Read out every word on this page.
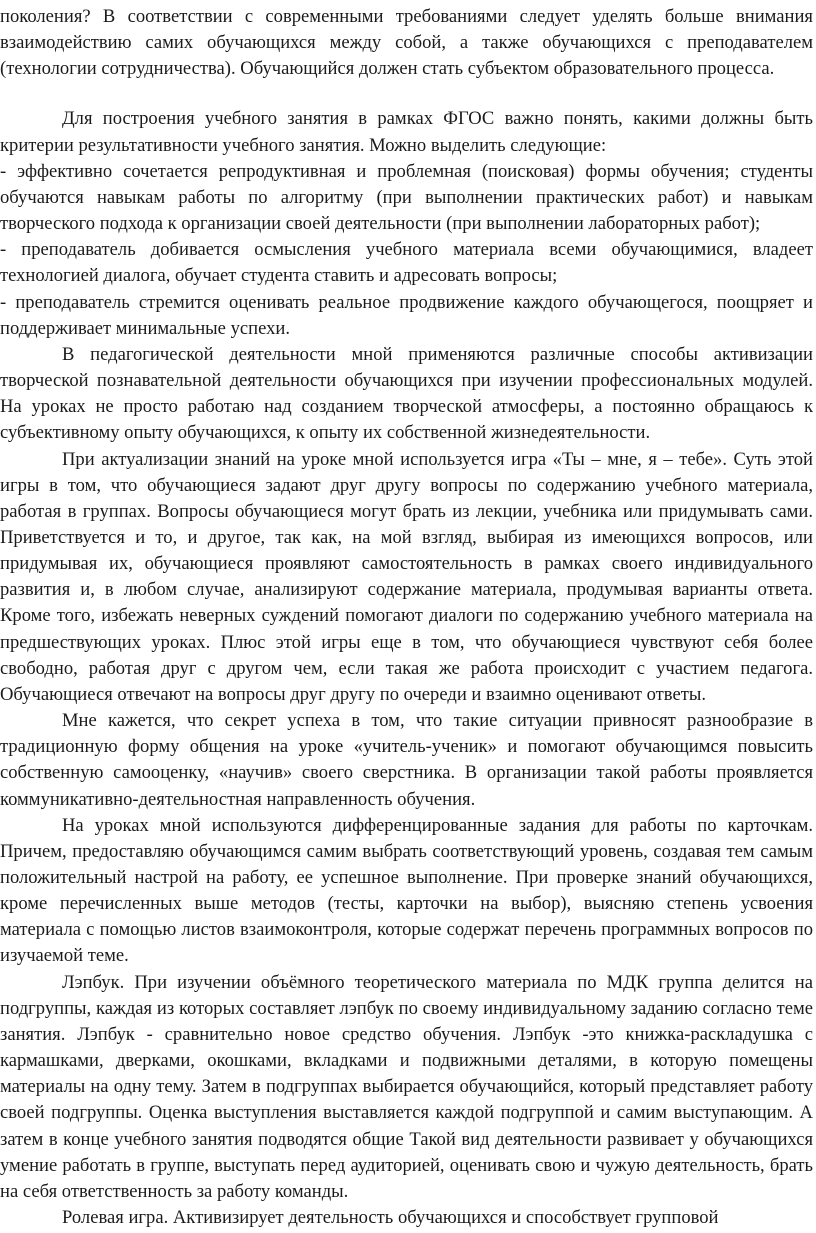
поколения? В соответствии с современными требованиями следует уделять больше внимания взаимодействию самих обучающихся между собой, а также обучающихся с преподавателем (технологии сотрудничества). Обучающийся должен стать субъектом образовательного процесса.

Для построения учебного занятия в рамках ФГОС важно понять, какими должны быть критерии результативности учебного занятия. Можно выделить следующие:

- эффективно сочетается репродуктивная и проблемная (поисковая) формы обучения; студенты обучаются навыкам работы по алгоритму (при выполнении практических работ) и навыкам творческого подхода к организации своей деятельности (при выполнении лабораторных работ);

- преподаватель добивается осмысления учебного материала всеми обучающимися, владеет технологией диалога, обучает студента ставить и адресовать вопросы;

- преподаватель стремится оценивать реальное продвижение каждого обучающегося, поощряет и поддерживает минимальные успехи.

В педагогической деятельности мной применяются различные способы активизации творческой познавательной деятельности обучающихся при изучении профессиональных модулей. На уроках не просто работаю над созданием творческой атмосферы, а постоянно обращаюсь к субъективному опыту обучающихся, к опыту их собственной жизнедеятельности.

При актуализации знаний на уроке мной используется игра «Ты – мне, я – тебе». Суть этой игры в том, что обучающиеся задают друг другу вопросы по содержанию учебного материала, работая в группах. Вопросы обучающиеся могут брать из лекции, учебника или придумывать сами. Приветствуется и то, и другое, так как, на мой взгляд, выбирая из имеющихся вопросов, или придумывая их, обучающиеся проявляют самостоятельность в рамках своего индивидуального развития и, в любом случае, анализируют содержание материала, продумывая варианты ответа. Кроме того, избежать неверных суждений помогают диалоги по содержанию учебного материала на предшествующих уроках. Плюс этой игры еще в том, что обучающиеся чувствуют себя более свободно, работая друг с другом чем, если такая же работа происходит с участием педагога. Обучающиеся отвечают на вопросы друг другу по очереди и взаимно оценивают ответы.

Мне кажется, что секрет успеха в том, что такие ситуации привносят разнообразие в традиционную форму общения на уроке «учитель-ученик» и помогают обучающимся повысить собственную самооценку, «научив» своего сверстника. В организации такой работы проявляется коммуникативно-деятельностная направленность обучения.

На уроках мной используются дифференцированные задания для работы по карточкам. Причем, предоставляю обучающимся самим выбрать соответствующий уровень, создавая тем самым положительный настрой на работу, ее успешное выполнение. При проверке знаний обучающихся, кроме перечисленных выше методов (тесты, карточки на выбор), выясняю степень усвоения материала с помощью листов взаимоконтроля, которые содержат перечень программных вопросов по изучаемой теме.

Лэпбук. При изучении объёмного теоретического материала по МДК группа делится на подгруппы, каждая из которых составляет лэпбук по своему индивидуальному заданию согласно теме занятия. Лэпбук - сравнительно новое средство обучения. Лэпбук -это книжка-раскладушка с кармашками, дверками, окошками, вкладками и подвижными деталями, в которую помещены материалы на одну тему. Затем в подгруппах выбирается обучающийся, который представляет работу своей подгруппы. Оценка выступления выставляется каждой подгруппой и самим выступающим. А затем в конце учебного занятия подводятся общие Такой вид деятельности развивает у обучающихся умение работать в группе, выступать перед аудиторией, оценивать свою и чужую деятельность, брать на себя ответственность за работу команды.

Ролевая игра. Активизирует деятельность обучающихся и способствует групповой
